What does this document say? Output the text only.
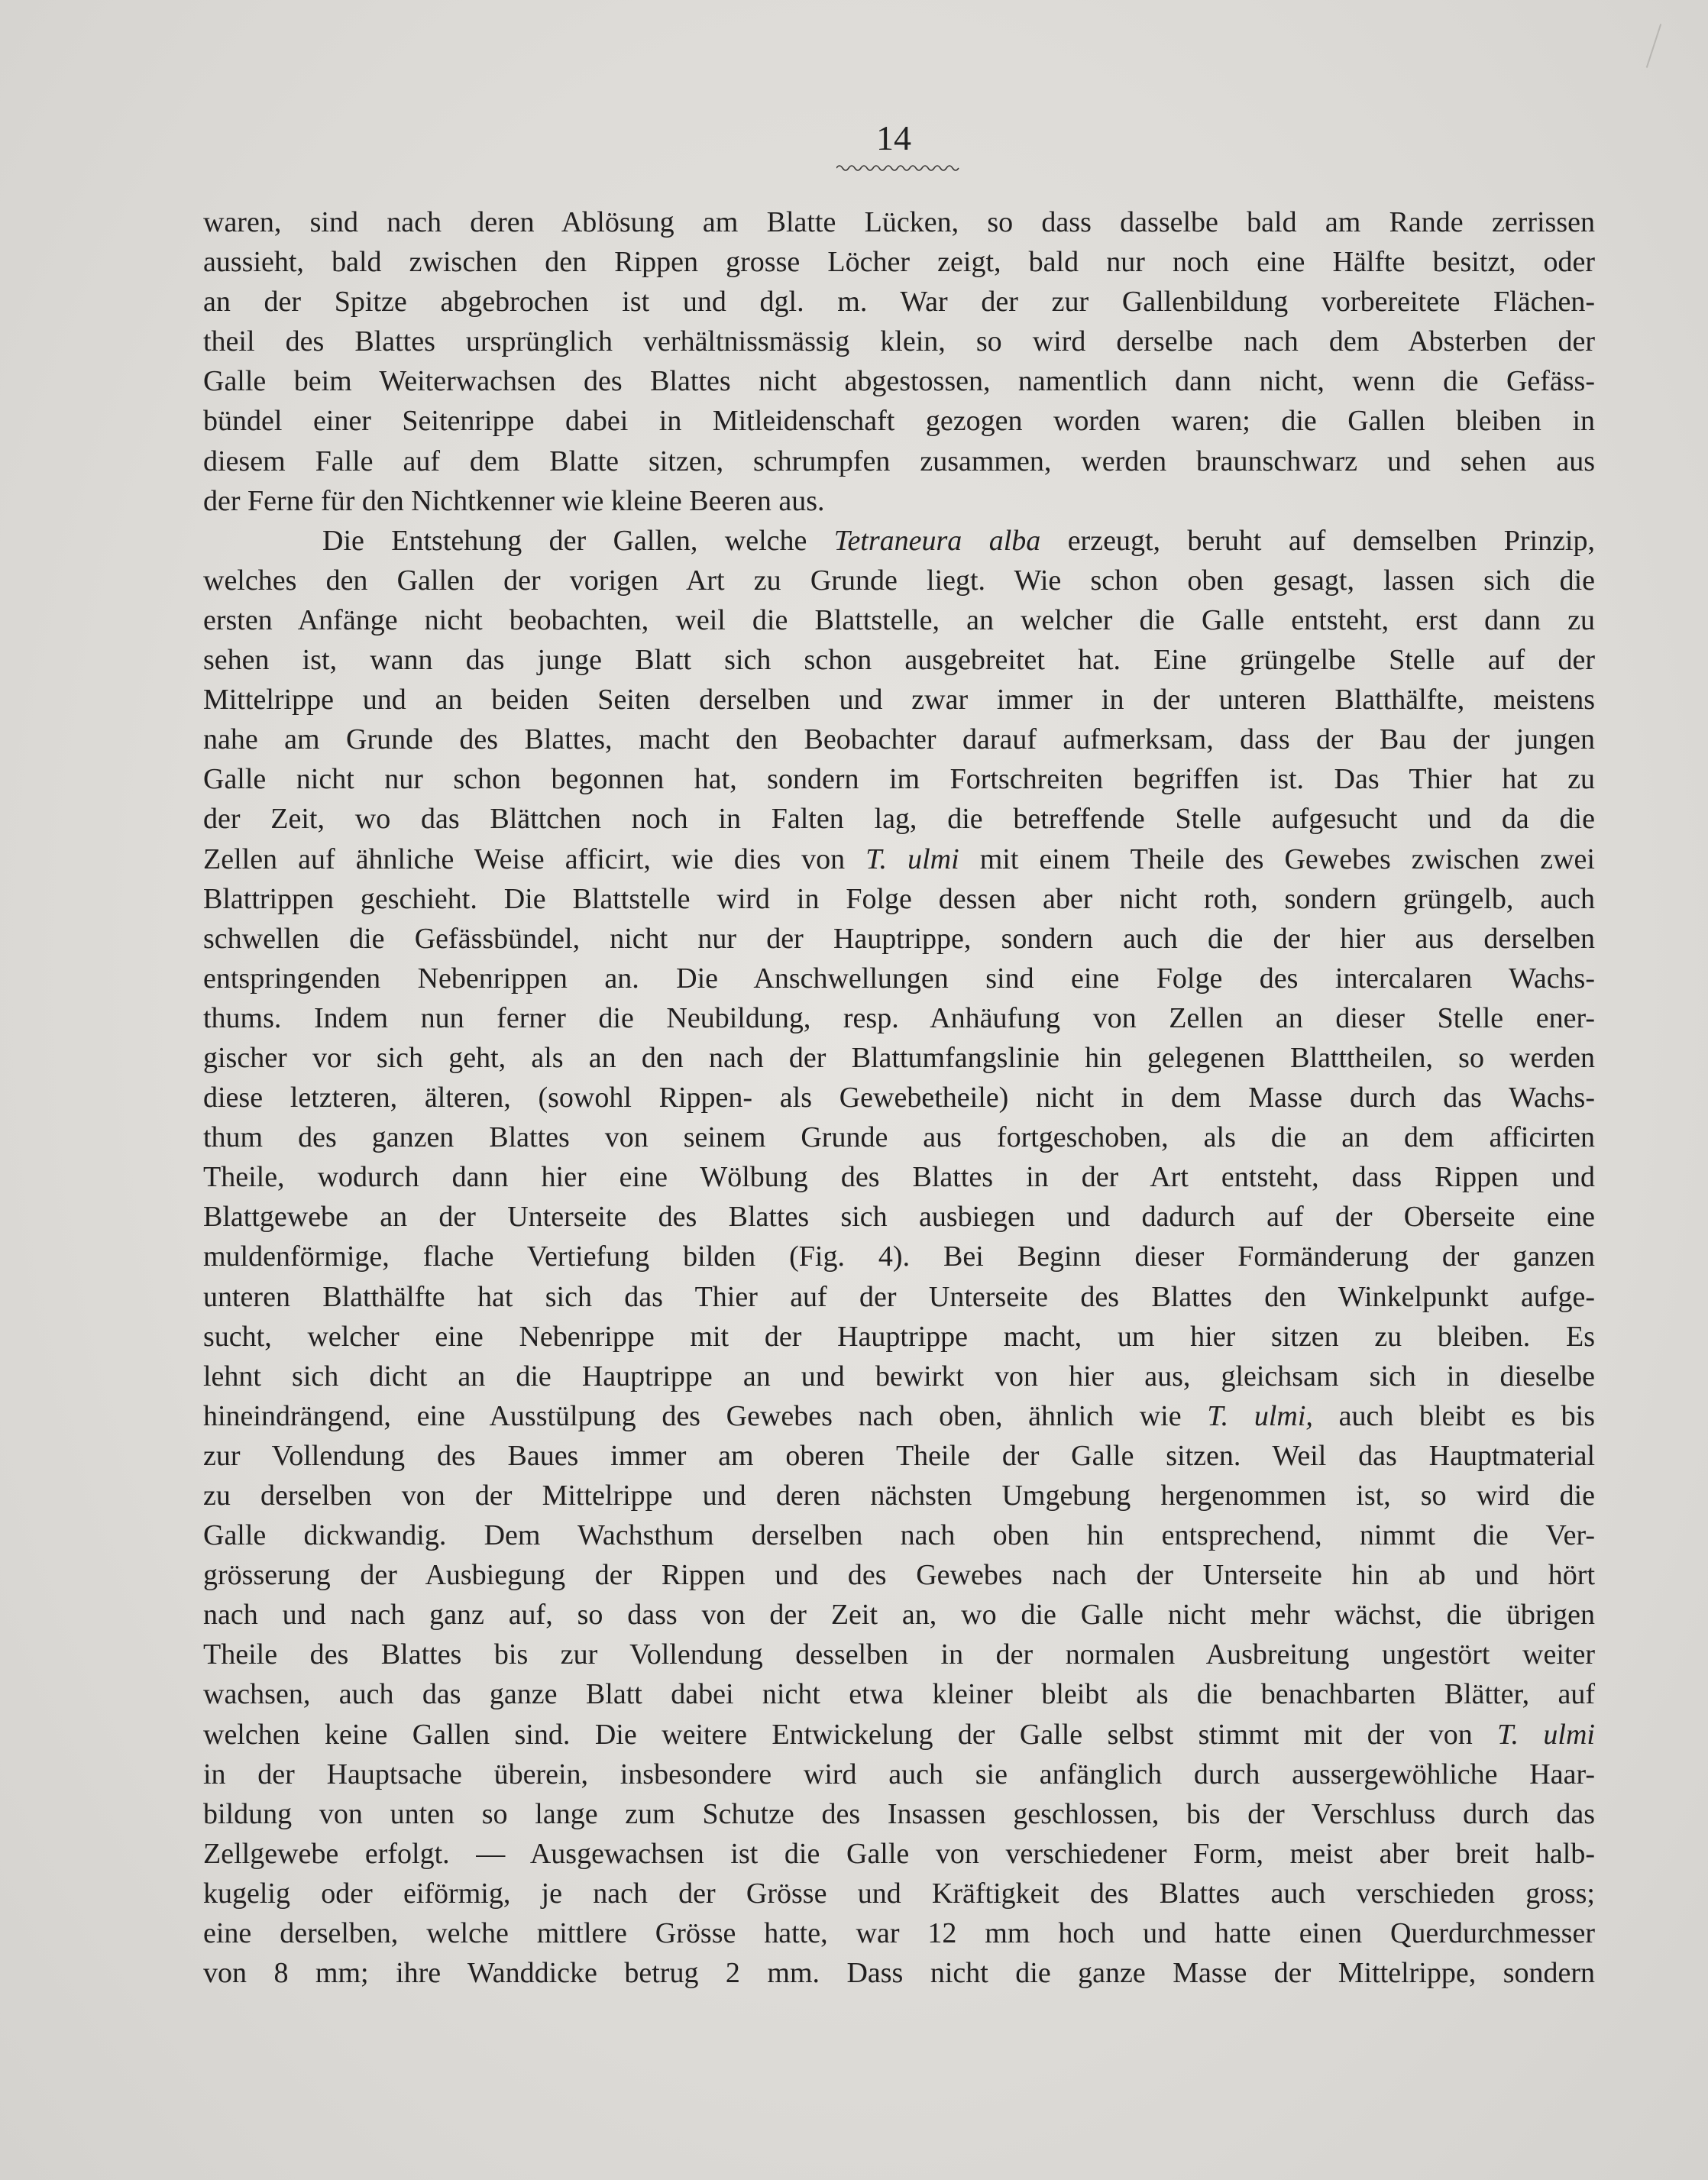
14

waren, sind nach deren Ablösung am Blatte Lücken, so dass dasselbe bald am Rande zerrissen
aussieht, bald zwischen den Rippen grosse Löcher zeigt, bald nur noch eine Hälfte besitzt, oder
an der Spitze abgebrochen ist und dgl. m. War der zur Gallenbildung vorbereitete Flächen-
theil des Blattes ursprünglich verhältnissmässig klein, so wird derselbe nach dem Absterben der
Galle beim Weiterwachsen des Blattes nicht abgestossen, namentlich dann nicht, wenn die Gefäss-
bündel einer Seitenrippe dabei in Mitleidenschaft gezogen worden waren; die Gallen bleiben in
diesem Falle auf dem Blatte sitzen, schrumpfen zusammen, werden braunschwarz und sehen aus
der Ferne für den Nichtkenner wie kleine Beeren aus.

Die Entstehung der Gallen, welche Tetraneura alba erzeugt, beruht auf demselben Prinzip,
welches den Gallen der vorigen Art zu Grunde liegt. Wie schon oben gesagt, lassen sich die
ersten Anfänge nicht beobachten, weil die Blattstelle, an welcher die Galle entsteht, erst dann zu
sehen ist, wann das junge Blatt sich schon ausgebreitet hat. Eine grüngelbe Stelle auf der
Mittelrippe und an beiden Seiten derselben und zwar immer in der unteren Blatthälfte, meistens
nahe am Grunde des Blattes, macht den Beobachter darauf aufmerksam, dass der Bau der jungen
Galle nicht nur schon begonnen hat, sondern im Fortschreiten begriffen ist. Das Thier hat zu
der Zeit, wo das Blättchen noch in Falten lag, die betreffende Stelle aufgesucht und da die
Zellen auf ähnliche Weise afficirt, wie dies von T. ulmi mit einem Theile des Gewebes zwischen zwei
Blattrippen geschieht. Die Blattstelle wird in Folge dessen aber nicht roth, sondern grüngelb, auch
schwellen die Gefässbündel, nicht nur der Hauptrippe, sondern auch die der hier aus derselben
entspringenden Nebenrippen an. Die Anschwellungen sind eine Folge des intercalaren Wachs-
thums. Indem nun ferner die Neubildung, resp. Anhäufung von Zellen an dieser Stelle ener-
gischer vor sich geht, als an den nach der Blattumfangslinie hin gelegenen Blatttheilen, so werden
diese letzteren, älteren, (sowohl Rippen- als Gewebetheile) nicht in dem Masse durch das Wachs-
thum des ganzen Blattes von seinem Grunde aus fortgeschoben, als die an dem afficirten
Theile, wodurch dann hier eine Wölbung des Blattes in der Art entsteht, dass Rippen und
Blattgewebe an der Unterseite des Blattes sich ausbiegen und dadurch auf der Oberseite eine
muldenförmige, flache Vertiefung bilden (Fig. 4). Bei Beginn dieser Formänderung der ganzen
unteren Blatthälfte hat sich das Thier auf der Unterseite des Blattes den Winkelpunkt aufge-
sucht, welcher eine Nebenrippe mit der Hauptrippe macht, um hier sitzen zu bleiben. Es
lehnt sich dicht an die Hauptrippe an und bewirkt von hier aus, gleichsam sich in dieselbe
hineindrängend, eine Ausstülpung des Gewebes nach oben, ähnlich wie T. ulmi, auch bleibt es bis
zur Vollendung des Baues immer am oberen Theile der Galle sitzen. Weil das Hauptmaterial
zu derselben von der Mittelrippe und deren nächsten Umgebung hergenommen ist, so wird die
Galle dickwandig. Dem Wachsthum derselben nach oben hin entsprechend, nimmt die Ver-
grösserung der Ausbiegung der Rippen und des Gewebes nach der Unterseite hin ab und hört
nach und nach ganz auf, so dass von der Zeit an, wo die Galle nicht mehr wächst, die übrigen
Theile des Blattes bis zur Vollendung desselben in der normalen Ausbreitung ungestört weiter
wachsen, auch das ganze Blatt dabei nicht etwa kleiner bleibt als die benachbarten Blätter, auf
welchen keine Gallen sind. Die weitere Entwickelung der Galle selbst stimmt mit der von T. ulmi
in der Hauptsache überein, insbesondere wird auch sie anfänglich durch aussergewöhliche Haar-
bildung von unten so lange zum Schutze des Insassen geschlossen, bis der Verschluss durch das
Zellgewebe erfolgt. — Ausgewachsen ist die Galle von verschiedener Form, meist aber breit halb-
kugelig oder eiförmig, je nach der Grösse und Kräftigkeit des Blattes auch verschieden gross;
eine derselben, welche mittlere Grösse hatte, war 12 mm hoch und hatte einen Querdurchmesser
von 8 mm; ihre Wanddicke betrug 2 mm. Dass nicht die ganze Masse der Mittelrippe, sondern
